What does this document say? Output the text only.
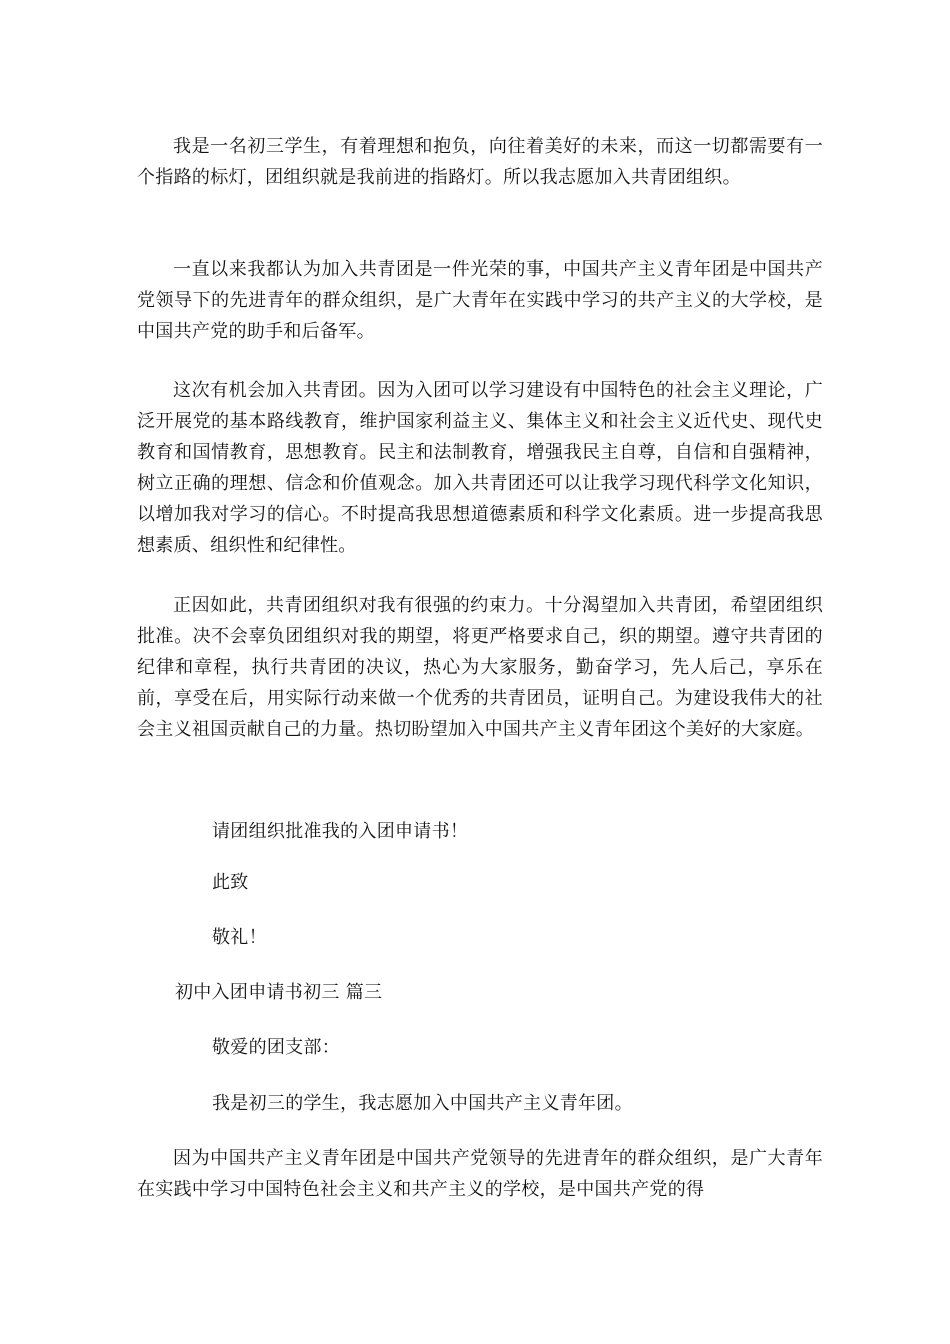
我是一名初三学生，有着理想和抱负，向往着美好的未来，而这一切都需要有一个指路的标灯，团组织就是我前进的指路灯。所以我志愿加入共青团组织。

一直以来我都认为加入共青团是一件光荣的事，中国共产主义青年团是中国共产党领导下的先进青年的群众组织，是广大青年在实践中学习的共产主义的大学校，是中国共产党的助手和后备军。

这次有机会加入共青团。因为入团可以学习建设有中国特色的社会主义理论，广泛开展党的基本路线教育，维护国家利益主义、集体主义和社会主义近代史、现代史教育和国情教育，思想教育。民主和法制教育，增强我民主自尊，自信和自强精神，树立正确的理想、信念和价值观念。加入共青团还可以让我学习现代科学文化知识，以增加我对学习的信心。不时提高我思想道德素质和科学文化素质。进一步提高我思想素质、组织性和纪律性。

正因如此，共青团组织对我有很强的约束力。十分渴望加入共青团，希望团组织批准。决不会辜负团组织对我的期望，将更严格要求自己，织的期望。遵守共青团的纪律和章程，执行共青团的决议，热心为大家服务，勤奋学习，先人后己，享乐在前，享受在后，用实际行动来做一个优秀的共青团员，证明自己。为建设我伟大的社会主义祖国贡献自己的力量。热切盼望加入中国共产主义青年团这个美好的大家庭。

请团组织批准我的入团申请书！

此致

敬礼！

初中入团申请书初三 篇三

敬爱的团支部：

我是初三的学生，我志愿加入中国共产主义青年团。

因为中国共产主义青年团是中国共产党领导的先进青年的群众组织，是广大青年在实践中学习中国特色社会主义和共产主义的学校，是中国共产党的得
